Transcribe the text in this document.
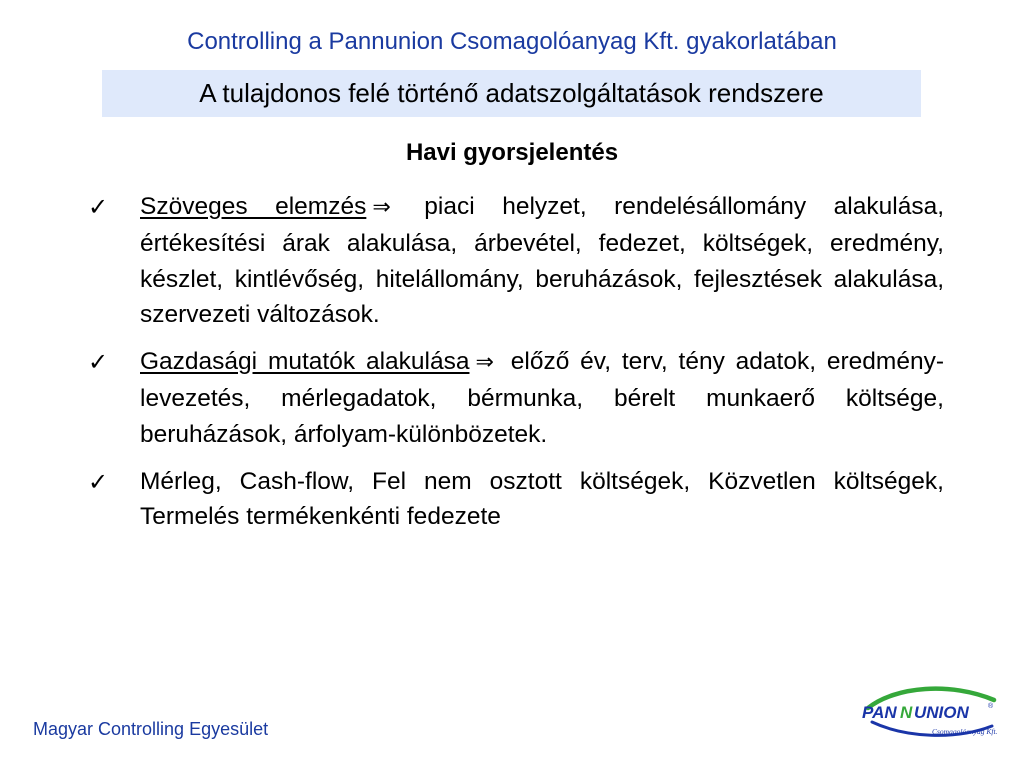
Controlling a Pannunion Csomagolóanyag Kft. gyakorlatában
A tulajdonos felé történő adatszolgáltatások rendszere
Havi gyorsjelentés
✓ Szöveges elemzés ⇒ piaci helyzet, rendelésállomány alakulása, értékesítési árak alakulása, árbevétel, fedezet, költségek, eredmény, készlet, kintlévőség, hitelállomány, beruházások, fejlesztések alakulása, szervezeti változások.

✓ Gazdasági mutatók alakulása ⇒ előző év, terv, tény adatok, eredmény-levezetés, mérlegadatok, bérmunka, bérelt munkaerő költsége, beruházások, árfolyam-különbözetek.

✓ Mérleg, Cash-flow, Fel nem osztott költségek, Közvetlen költségek, Termelés termékenkénti fedezete

Magyar Controlling Egyesület
PAN N UNION	®
Csomagolóanyag Kft.
